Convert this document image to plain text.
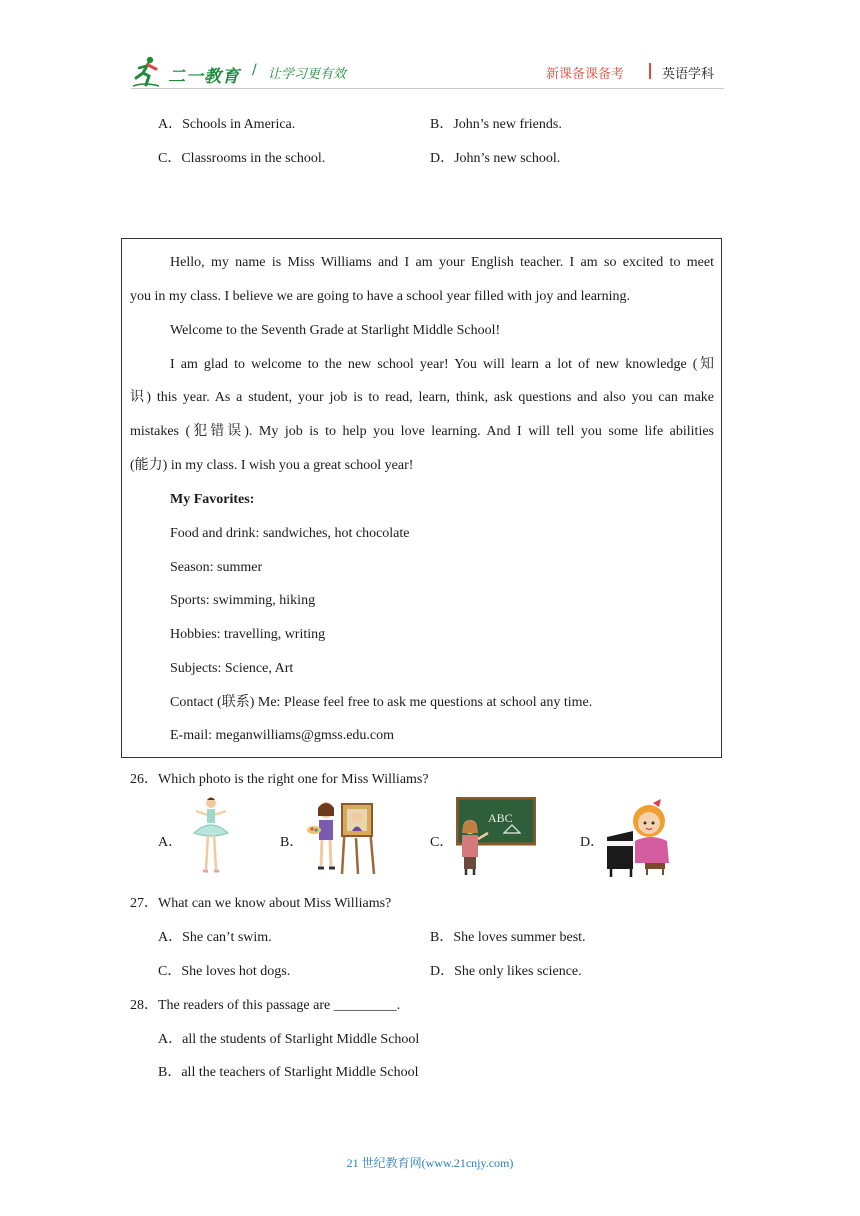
二一教育 / 让学习更有效	新课备课备考	英语学科
A．Schools in America.	B．John’s new friends.
C．Classrooms in the school.	D．John’s new school.
Hello, my name is Miss Williams and I am your English teacher. I am so excited to meet
you in my class. I believe we are going to have a school year filled with joy and learning.
Welcome to the Seventh Grade at Starlight Middle School!
I am glad to welcome to the new school year! You will learn a lot of new knowledge (知
识) this year. As a student, your job is to read, learn, think, ask questions and also you can make
mistakes (犯错误). My job is to help you love learning. And I will tell you some life abilities
(能力) in my class. I wish you a great school year!
My Favorites:
Food and drink: sandwiches, hot chocolate
Season: summer
Sports: swimming, hiking
Hobbies: travelling, writing
Subjects: Science, Art
Contact (联系) Me: Please feel free to ask me questions at school any time.
E-mail: meganwilliams@gmss.edu.com
26．Which photo is the right one for Miss Williams?
A．	B．	C．
ABC
D．
27．What can we know about Miss Williams?
A．She can’t swim.	B．She loves summer best.
C．She loves hot dogs.	D．She only likes science.
28．The readers of this passage are _________.
A．all the students of Starlight Middle School
B．all the teachers of Starlight Middle School
21 世纪教育网(www.21cnjy.com)
